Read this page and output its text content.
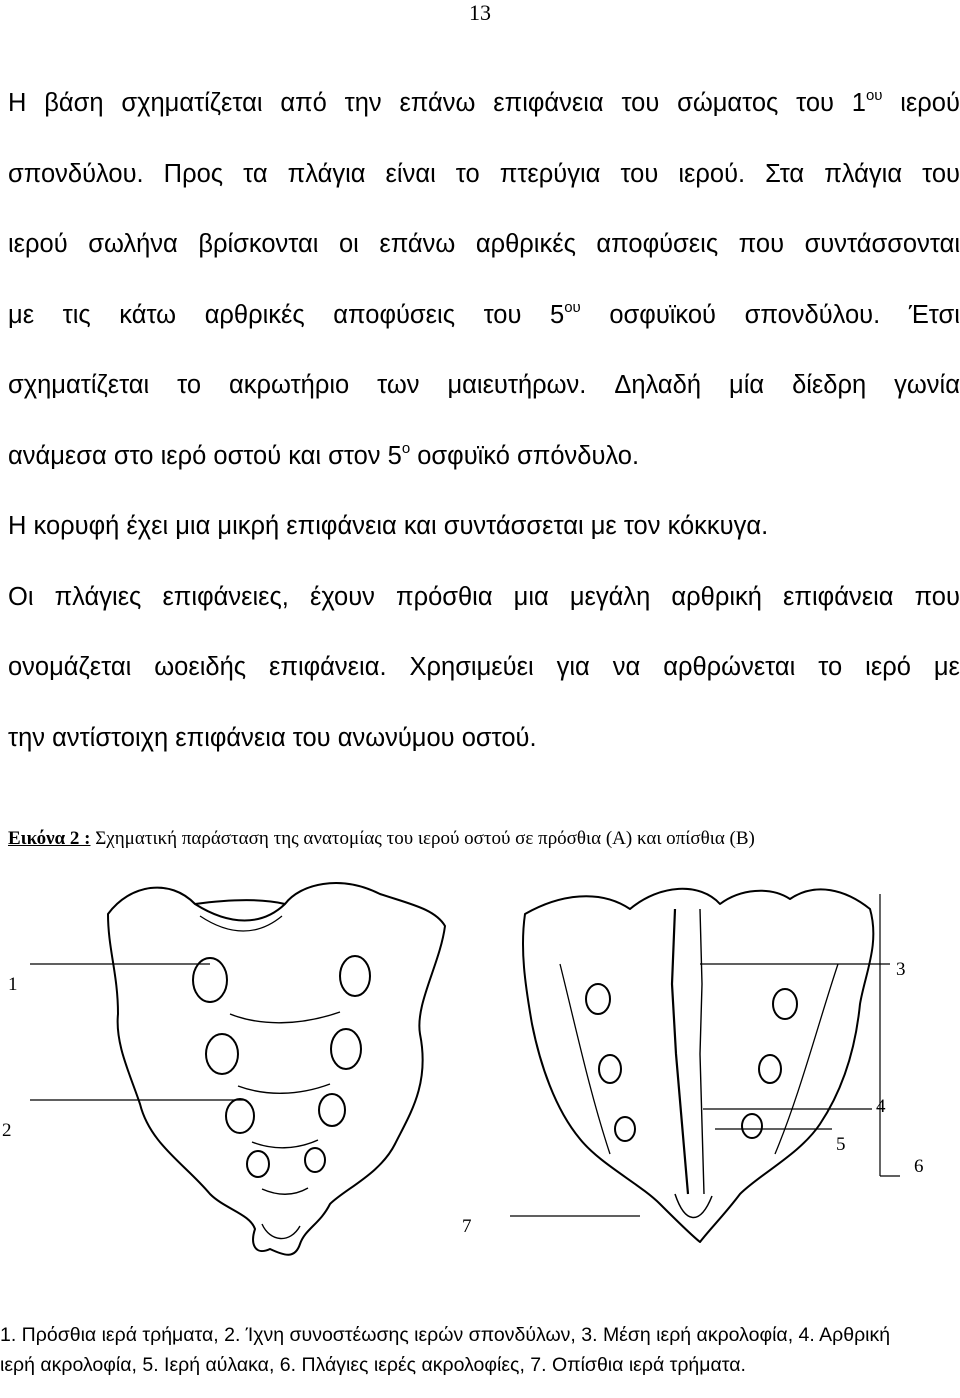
13
Η βάση σχηματίζεται από την επάνω επιφάνεια του σώματος του $1^{o\upsilon}$ ιερού
σπονδύλου. Προς τα πλάγια είναι το πτερύγια του ιερού. Στα πλάγια του
ιερού σωλήνα βρίσκονται οι επάνω αρθρικές αποφύσεις που συντάσσονται
με τις κάτω αρθρικές αποφύσεις του $5^{o\upsilon}$ οσφυϊκού σπονδύλου. Έτσι
σχηματίζεται το ακρωτήριο των μαιευτήρων. Δηλαδή μία δίεδρη γωνία
ανάμεσα στο ιερό οστού και στον $5^o$ οσφυϊκό σπόνδυλο.
Η κορυφή έχει μια μικρή επιφάνεια και συντάσσεται με τον κόκκυγα.
Οι πλάγιες επιφάνειες, έχουν πρόσθια μια μεγάλη αρθρική επιφάνεια που
ονομάζεται ωοειδής επιφάνεια. Χρησιμεύει για να αρθρώνεται το ιερό με
την αντίστοιχη επιφάνεια του ανωνύμου οστού.
Εικόνα 2 : Σχηματική παράσταση της ανατομίας του ιερού οστού σε πρόσθια (Α) και οπίσθια (Β)
1
2
3
4
5
6
7
1. Πρόσθια ιερά τρήματα, 2. Ίχνη συνοστέωσης ιερών σπονδύλων, 3. Μέση ιερή ακρολοφία, 4. Αρθρική
ιερή ακρολοφία, 5. Ιερή αύλακα, 6. Πλάγιες ιερές ακρολοφίες, 7. Οπίσθια ιερά τρήματα.
